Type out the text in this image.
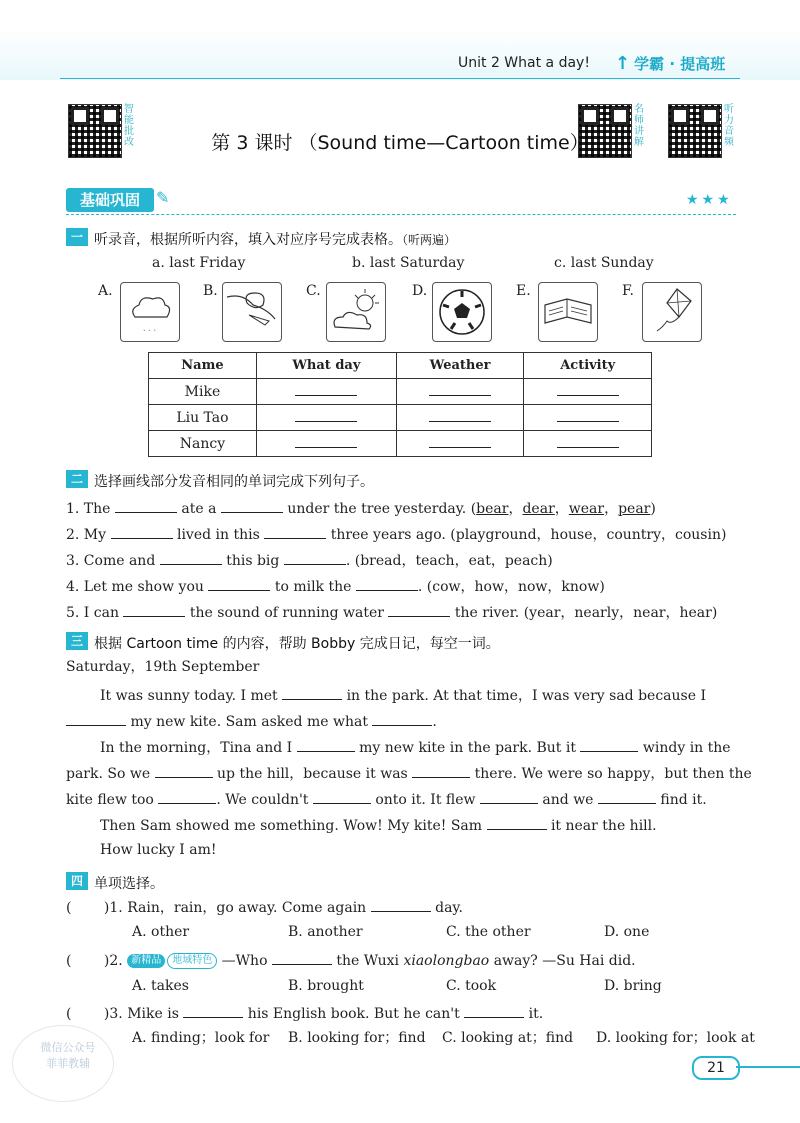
Unit 2 What a day! ↑ 学霸 · 提高班
智能批改
名师讲解
听力音频
第 3 课时 （Sound time—Cartoon time）
基础巩固	✎	★★★
一 听录音，根据所听内容，填入对应序号完成表格。（听两遍）
a. last Friday	b. last Saturday	c. last Sunday
A.
ˎ ˎ ˎ
B.	C.	D.	E.	F.
Name	What day	Weather	Activity
Mike			
Liu Tao			
Nancy			
二 选择画线部分发音相同的单词完成下列句子。
1. The	ate a	under the tree yesterday. (bear，dear，wear，pear)
2. My	lived in this	three years ago. (playground，house，country，cousin)
3. Come and	this big	. (bread，teach，eat，peach)
4. Let me show you	to milk the	. (cow，how，now，know)
5. I can	the sound of running water	the river. (year，nearly，near，hear)
三 根据 Cartoon time 的内容，帮助 Bobby 完成日记，每空一词。
Saturday，19th September
It was sunny today. I met	in the park. At that time，I was very sad because I
my new kite. Sam asked me what	.
In the morning，Tina and I	my new kite in the park. But it	windy in the
park. So we	up the hill，because it was	there. We were so happy，but then the
kite flew too	. We couldn't	onto it. It flew	and we	find it.
Then Sam showed me something. Wow! My kite! Sam	it near the hill.
How lucky I am!
四 单项选择。
( )1. Rain，rain，go away. Come again	day.
A. other	B. another	C. the other	D. one
( )2. 新精品 地域特色 —Who	the Wuxi xiaolongbao away? —Su Hai did.
A. takes	B. brought	C. took	D. bring
( )3. Mike is	his English book. But he can't	it.
A. finding；look for B. looking for；find C. looking at；find D. looking for；look at
微信公众号
菲菲教辅	21
